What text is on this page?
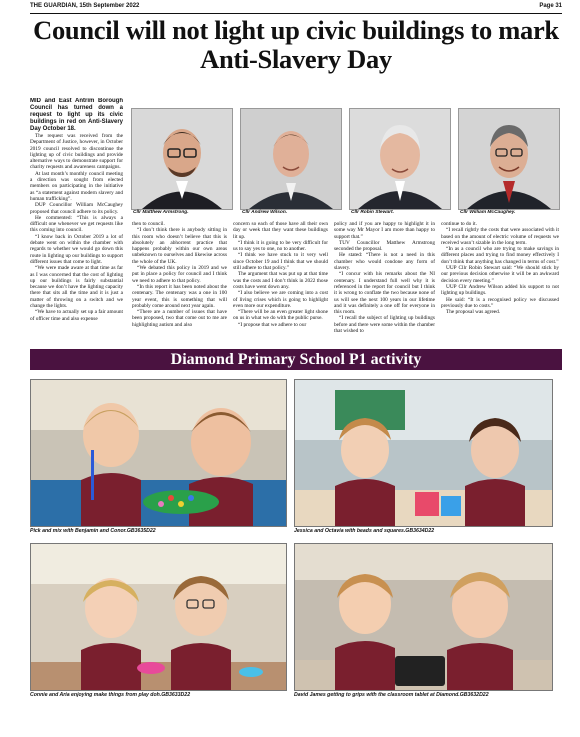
THE GUARDIAN, 15th September 2022	Page 31
Council will not light up civic buildings to mark Anti-Slavery Day

MID and East Antrim Borough Council has turned down a request to light up its civic buildings in red on Anti-Slavery Day October 18.

The request was received from the Department of Justice, however, in October 2019 council resolved to discontinue the lighting up of civic buildings and provide alternative ways to demonstrate support for charity requests and awareness campaigns.

At last month’s monthly council meeting a direction was sought from elected members on participating in the initiative as “a statement against modern slavery and human trafficking”.

DUP Councillor William McCaughey proposed that council adhere to its policy.

He commented: “This is always a difficult one whenever we get requests like this coming into council.

“I know back in October 2019 a lot of debate went on within the chamber with regards to whether we would go down this route in lighting up our buildings to support different issues that come to light.

“We were made aware at that time as far as I was concerned that the cost of lighting up our buildings is fairly substantial because we don’t have the lighting capacity there that sits all the time and it is just a matter of throwing on a switch and we change the lights.

“We have to actually set up a fair amount of officer time and also expense

Cllr Matthew Armstrong.	Cllr Andrew Wilson.	Cllr Robin Stewart.	Cllr William McCaughey.

then to council.

“I don’t think there is anybody sitting in this room who doesn’t believe that this is absolutely an abhorrent practice that happens probably within our own areas unbeknown to ourselves and likewise across the whole of the UK.

“We debated this policy in 2019 and we put in place a policy for council and I think we need to adhere to that policy.

“In this report it has been noted about the centenary. The centenary was a one in 100 year event, this is something that will probably come around next year again.

“There are a number of issues that have been proposed, two that come out to me are highlighting autism and also

concern so each of those have all their own day or week that they want these buildings lit up.

“I think it is going to be very difficult for us to say yes to one, no to another.

“I think we have stuck to it very well since October 19 and I think that we should still adhere to that policy.”

The argument that was put up at that time was the costs and I don’t think in 2022 those costs have went down any.

“I also believe we are coming into a cost of living crises which is going to highlight even more our expenditure.

“There will be an even greater light shone on us in what we do with the public purse.

“I propose that we adhere to our

policy and if you are happy to highlight it in some way Mr Mayor I am more than happy to support that.”

TUV Councillor Matthew Armstrong seconded the proposal.

He stated: “There is not a need in this chamber who would condone any form of slavery.

“I concur with his remarks about the NI centenary. I understand full well why it is referenced in the report for council but I think it is wrong to conflate the two because none of us will see the next 100 years in our lifetime and it was definitely a one off for everyone in this room.

“I recall the subject of lighting up buildings before and there were some within the chamber that wished to

continue to do it.

“I recall rightly the costs that were associated with it based on the amount of electric volume of requests we received wasn’t sizable in the long term.

“In as a council who are trying to make savings in different places and trying to find money effectively I don’t think that anything has changed in terms of cost.”

UUP Cllr Robin Stewart said: “We should stick by our previous decision otherwise it will be an awkward decision every meeting.”

UUP Cllr Andrew Wilson added his support to not lighting up buildings.

He said: “It is a recognised policy we discussed previously due to costs.”

The proposal was agreed.

Diamond Primary School P1 activity
Pick and mix with Benjamin and Conor.GB3635D22	Jessica and Octavia with beads and squares.GB3634D22
Connie and Aria enjoying make things from play doh.GB3633D22	David James getting to grips with the classroom tablet at Diamond.GB3632D22
